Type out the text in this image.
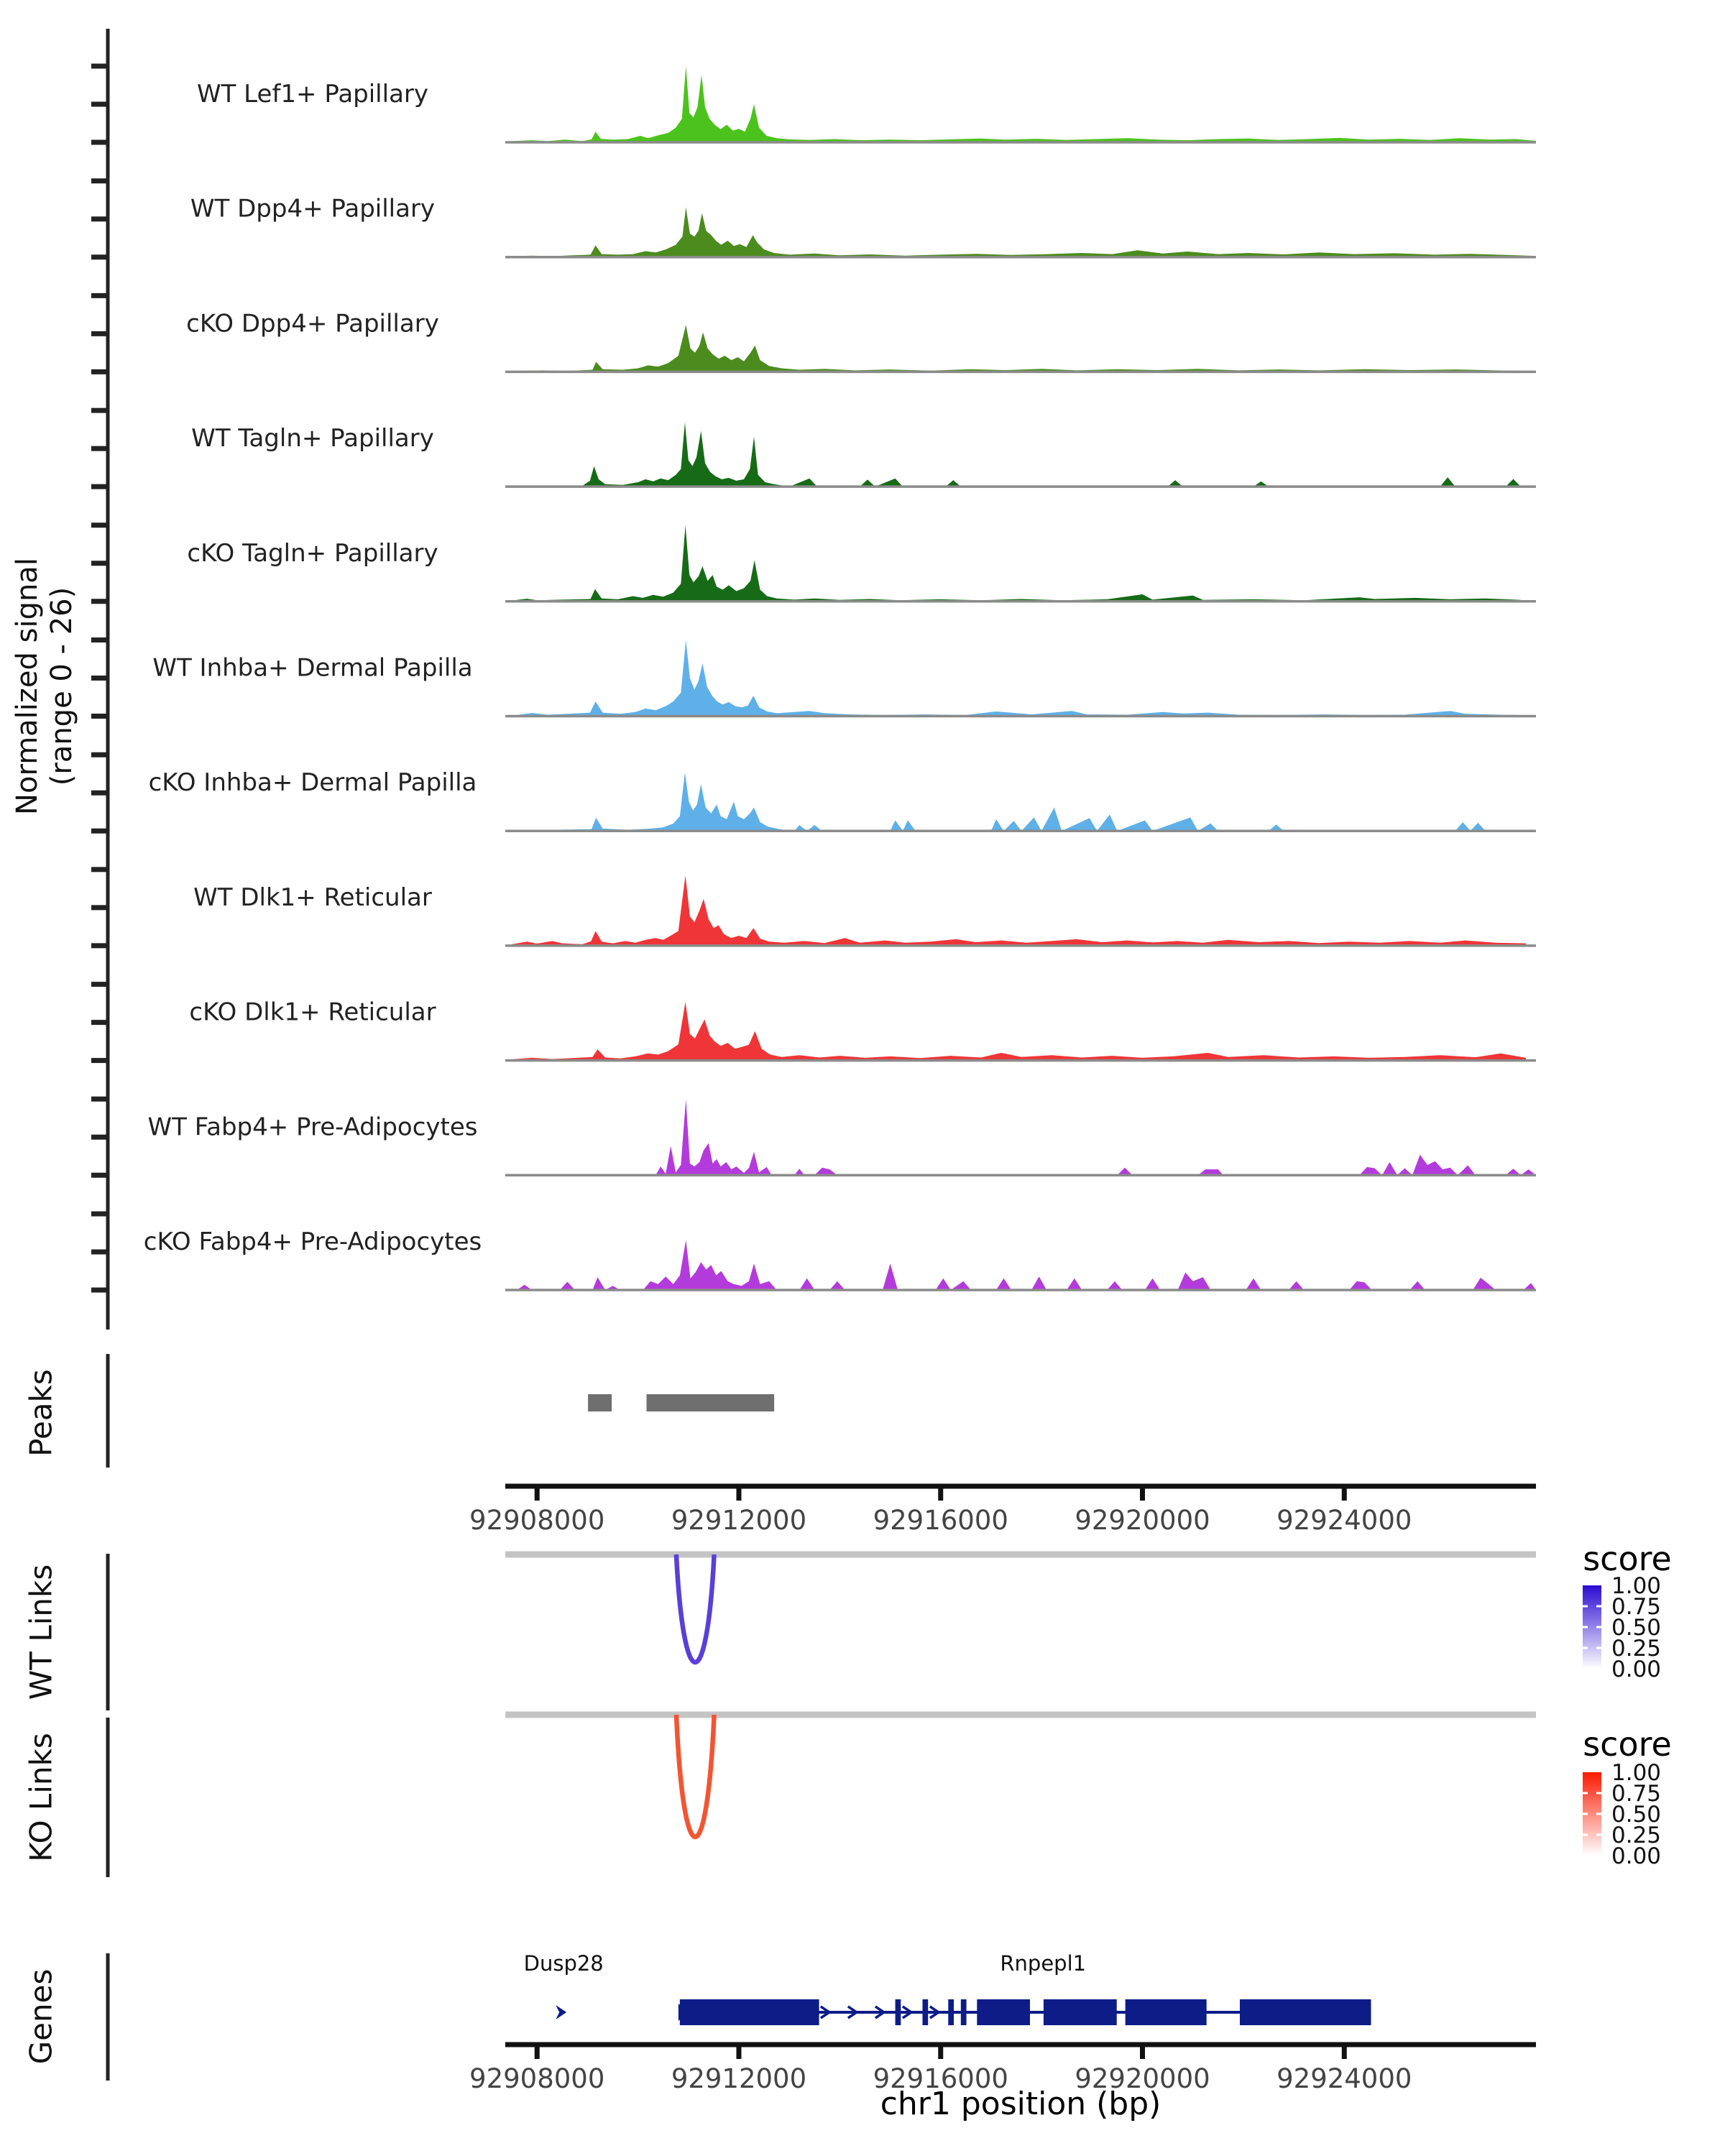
Normalized signal (range 0 - 26)
Peaks
WT Links
KO Links
Genes
score
score
chr1 position (bp)
WT Lef1+ Papillary
WT Dpp4+ Papillary
cKO Dpp4+ Papillary
WT Tagln+ Papillary
cKO Tagln+ Papillary
WT Inhba+ Dermal Papilla
cKO Inhba+ Dermal Papilla
WT Dlk1+ Reticular
cKO Dlk1+ Reticular
WT Fabp4+ Pre-Adipocytes
cKO Fabp4+ Pre-Adipocytes
92908000 92912000 92916000 92920000 92924000
92908000 92912000 92916000 92920000 92924000
1.00
0.75
0.50
0.25
0.00
1.00
0.75
0.50
0.25
0.00
Dusp28	Rnpepl1
